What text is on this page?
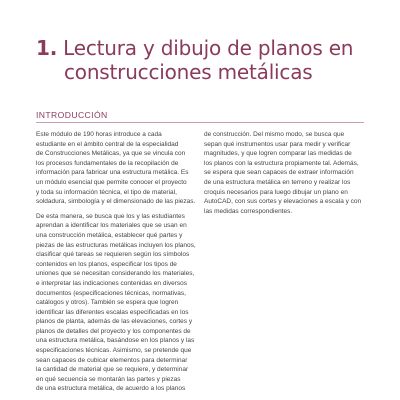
1. Lectura y dibujo de planos en
construcciones metálicas
INTRODUCCIÓN

Este módulo de 190 horas introduce a cada
estudiante en el ámbito central de la especialidad
de Construcciones Metálicas, ya que se vincula con
los procesos fundamentales de la recopilación de
información para fabricar una estructura metálica. Es
un módulo esencial que permite conocer el proyecto
y toda su información técnica, el tipo de material,
soldadura, simbología y el dimensionado de las piezas.

De esta manera, se busca que los y las estudiantes
aprendan a identificar los materiales que se usan en
una construcción metálica, establecer qué partes y
piezas de las estructuras metálicas incluyen los planos,
clasificar qué tareas se requieren según los símbolos
contenidos en los planos, especificar los tipos de
uniones que se necesitan considerando los materiales,
e interpretar las indicaciones contenidas en diversos
documentos (especificaciones técnicas, normativas,
catálogos y otros). También se espera que logren
identificar las diferentes escalas especificadas en los
planos de planta, además de las elevaciones, cortes y
planos de detalles del proyecto y los componentes de
una estructura metálica, basándose en los planos y las
especificaciones técnicas. Asimismo, se pretende que
sean capaces de cubicar elementos para determinar
la cantidad de material que se requiere, y determinar
en qué secuencia se montarán las partes y piezas
de una estructura metálica, de acuerdo a los planos

de construcción. Del mismo modo, se busca que
sepan qué instrumentos usar para medir y verificar
magnitudes, y que logren comparar las medidas de
los planos con la estructura propiamente tal. Además,
se espera que sean capaces de extraer información
de una estructura metálica en terreno y realizar los
croquis necesarios para luego dibujar un plano en
AutoCAD, con sus cortes y elevaciones a escala y con
las medidas correspondientes.
